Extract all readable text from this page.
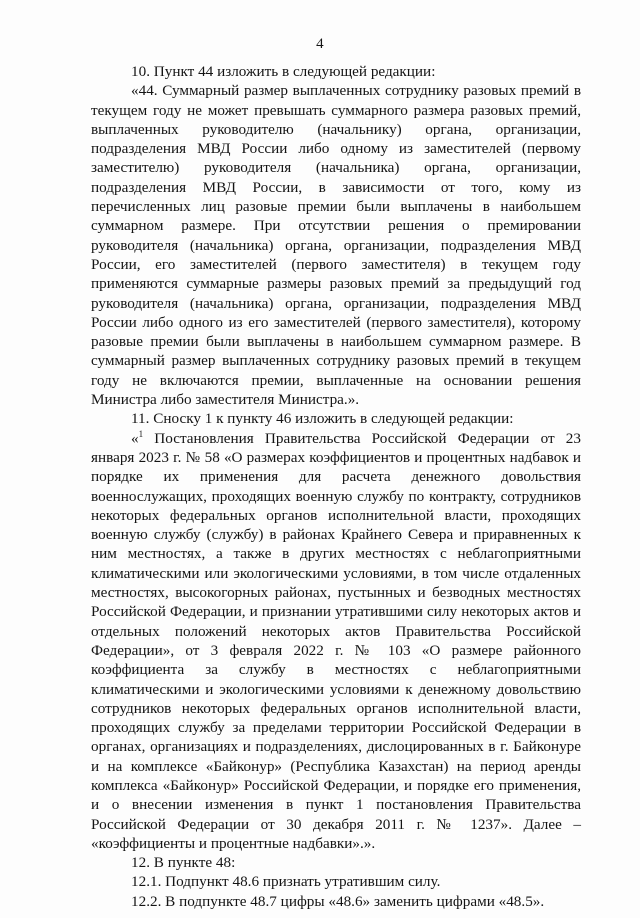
4

10. Пункт 44 изложить в следующей редакции:

«44. Суммарный размер выплаченных сотруднику разовых премий в текущем году не может превышать суммарного размера разовых премий, выплаченных руководителю (начальнику) органа, организации, подразделения МВД России либо одному из заместителей (первому заместителю) руководителя (начальника) органа, организации, подразделения МВД России, в зависимости от того, кому из перечисленных лиц разовые премии были выплачены в наибольшем суммарном размере. При отсутствии решения о премировании руководителя (начальника) органа, организации, подразделения МВД России, его заместителей (первого заместителя) в текущем году применяются суммарные размеры разовых премий за предыдущий год руководителя (начальника) органа, организации, подразделения МВД России либо одного из его заместителей (первого заместителя), которому разовые премии были выплачены в наибольшем суммарном размере. В суммарный размер выплаченных сотруднику разовых премий в текущем году не включаются премии, выплаченные на основании решения Министра либо заместителя Министра.».

11. Сноску 1 к пункту 46 изложить в следующей редакции:

«$^1$ Постановления Правительства Российской Федерации от 23 января 2023 г. № 58 «О размерах коэффициентов и процентных надбавок и порядке их применения для расчета денежного довольствия военнослужащих, проходящих военную службу по контракту, сотрудников некоторых федеральных органов исполнительной власти, проходящих военную службу (службу) в районах Крайнего Севера и приравненных к ним местностях, а также в других местностях с неблагоприятными климатическими или экологическими условиями, в том числе отдаленных местностях, высокогорных районах, пустынных и безводных местностях Российской Федерации, и признании утратившими силу некоторых актов и отдельных положений некоторых актов Правительства Российской Федерации», от 3 февраля 2022 г. № 103 «О размере районного коэффициента за службу в местностях с неблагоприятными климатическими и экологическими условиями к денежному довольствию сотрудников некоторых федеральных органов исполнительной власти, проходящих службу за пределами территории Российской Федерации в органах, организациях и подразделениях, дислоцированных в г. Байконуре и на комплексе «Байконур» (Республика Казахстан) на период аренды комплекса «Байконур» Российской Федерации, и порядке его применения, и о внесении изменения в пункт 1 постановления Правительства Российской Федерации от 30 декабря 2011 г. № 1237». Далее – «коэффициенты и процентные надбавки».».

12. В пункте 48:

12.1. Подпункт 48.6 признать утратившим силу.

12.2. В подпункте 48.7 цифры «48.6» заменить цифрами «48.5».
